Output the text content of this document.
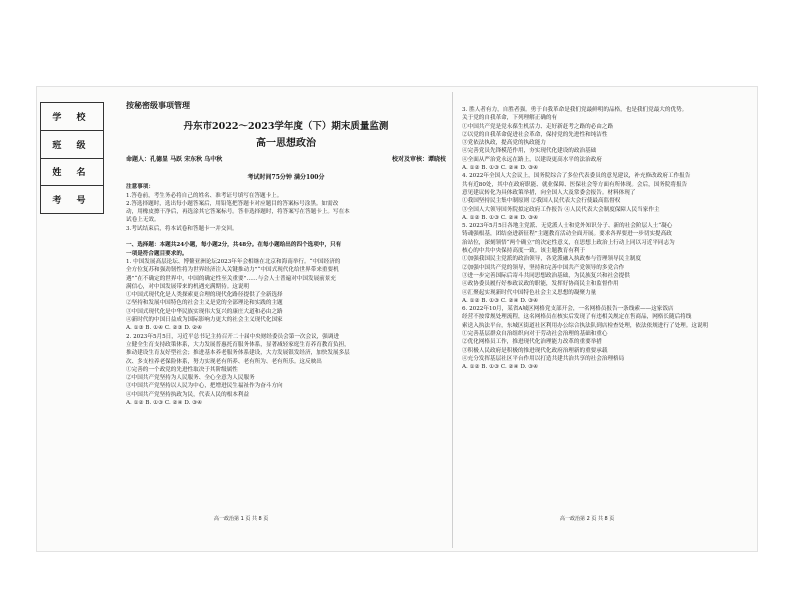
学 校
班 级
姓 名
考 号

按秘密级事项管理

丹东市2022～2023学年度（下）期末质量监测

高一思想政治

命题人：孔德显 马跃 宋东秋 乌中秋	校对及审核：谭晓枝

考试时间75分钟 满分100分

注意事项：

1.答卷前，考生务必将自己的姓名、准考证号填写在答题卡上。

2.答选择题时，选出每小题答案后，用铅笔把答题卡对应题目的答案标号涂黑。如需改

动，用橡皮擦干净后，再选涂其它答案标号。答非选择题时，将答案写在答题卡上。写在本

试卷上无效。

3.考试结束后，将本试卷和答题卡一并交回。

一、选择题：本题共24小题，每小题2分，共48分。在每小题给出的四个选项中，只有

一项是符合题目要求的。

1. 中国发展高层论坛、博鳌亚洲论坛2023年年会相继在北京和海南举行。“中国经济的

全方位复苏和强劲韧性将为世界经济注入关键推动力”“中国式现代化给世界带来重要机

遇”“在不确定的世界中，中国的确定性至关重要”……与会人士普遍对中国发展前景充

满信心，对中国发展带来的机遇充满期待。这说明

①中国式现代化是人类探索更合理的现代化路径提供了全新选择

②坚持和发展中国特色的社会主义是党的全部理论和实践的主题

③中国式现代化是中华民族实现伟大复兴的康庄大道和必由之路

④新时代的中国日益成为国际影响力更大的社会主义现代化国家

A. ①③ B. ①④ C. ②③ D. ②④

2. 2023年5月5日，习近平总书记主持召开二十届中央财经委员会第一次会议，强调进

立健全生育支持政策体系，大力发展普惠托育服务体系，显著减轻家庭生育养育教育负担，

推动建设生育友好型社会；推进基本养老服务体系建设，大力发展银发经济，加快发展多层

次、多支柱养老保险体系，努力实现老有所养、老有所为、老有所乐。这反映出

①完善的一个政党的先进性取决于其阶级属性

②中国共产党坚持为人民服务、全心全意为人民服务

③中国共产党坚持以人民为中心，把增进民生福祉作为奋斗方向

④中国共产党坚持执政为民，代表人民的根本利益

A. ①② B. ①③ C. ②④ D. ③④

3. 胜人者有力，自胜者强。勇于自我革命是我们党最鲜明的品格，也是我们党最大的优势。

关于党的自我革命，下列理解正确的有

①中国共产党是党永葆生机活力、走好新赶考之路的必由之路

②以党的自我革命促进社会革命，保持党的先进性和纯洁性

③党依法执政，提高党的执政能力

④完善党员先锋模范作用，夯实现代化建设的政治基础

④全面从严治党永远在路上，以建设更高水平的法治政府

A. ①② B. ①③ C. ②④ D. ③④

4. 2022年全国人大会议上，国务院综合了多位代表委员的意见建议，补充修改政府工作报告

共有近80处，其中在政府职能、就业保障、医保社会等方面有所体现。会后，国务院将报告

意见建议转化为具体政策举措，向全国人大及常委会报告。材料体现了

①我国坚持民主集中制原则 ②我国人民代表大会行使最高监督权

③全国人大领导国务院拟定政府工作报告 ④人民代表大会制度保障人民当家作主

A. ①② B. ①③ C. ②④ D. ③④

5. 2023年5月5日各地主党派、无党派人士和党外知识分子、新的社会阶层人士“凝心

铸魂强根基，团结奋进新征程”主题教育活动全面开展。要求各界要进一步切实提高政

治站位，深刻领悟“两个确立”的决定性意义，在思想上政治上行动上同以习近平同志为

核心的中共中央保持高度一致。该主题教育有利于

①加强我国民主党派的政治领导，各党派融入执政参与管理领导民主制度

②加强中国共产党的领导，坚持和完善中国共产党领导的多党合作

③进一步完善国际后寄斗共同思想政治基础，为民族复兴和社会提供

④政协委员履行好参政议政的职能，发挥好协商民主和监督作用

④汇聚起实现新时代中国特色社会主义思想的凝聚力量

A. ①② B. ①③ C. ②④ D. ③④

6. 2022年10月，某省A城区网格党支部开会，一名网格员报告一条线索——这家饭店

经营不按常规处理流程，这名网格员在核实后发现了有违相关规定在售商品，网格长随后将线

索送入执法平台，东城区街道社区利用办公综合执法队到店检查处理，依法依规进行了处理。这说明

①完善基层群众自治组织向对于劳动社会治理的基础和重心

②优化网格员工作，推进现代化治理能力改革的重要举措

③积极人民政府是积极的推进现代化政府治理新的重要承载

④充分发挥基层社区平台作用以打造共建共治共享的社会治理格局

A. ①② B. ①③ C. ②④ D. ③④

高一政治第 1 页 共 8 页	高一政治第 2 页 共 8 页
